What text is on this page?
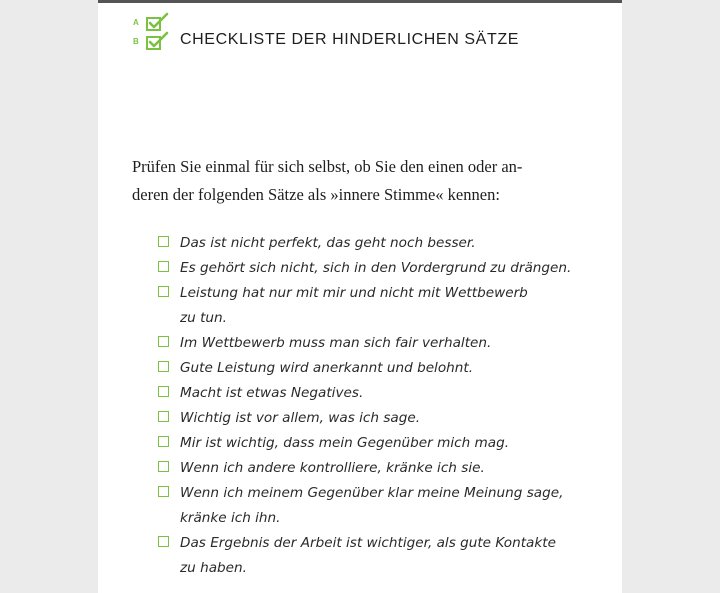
A
B	CHECKLISTE DER HINDERLICHEN SÄTZE
Prüfen Sie einmal für sich selbst, ob Sie den einen oder an-
deren der folgenden Sätze als »innere Stimme« kennen:
Das ist nicht perfekt, das geht noch besser.
Es gehört sich nicht, sich in den Vordergrund zu drängen.
Leistung hat nur mit mir und nicht mit Wettbewerb
zu tun.
Im Wettbewerb muss man sich fair verhalten.
Gute Leistung wird anerkannt und belohnt.
Macht ist etwas Negatives.
Wichtig ist vor allem, was ich sage.
Mir ist wichtig, dass mein Gegenüber mich mag.
Wenn ich andere kontrolliere, kränke ich sie.
Wenn ich meinem Gegenüber klar meine Meinung sage,
kränke ich ihn.
Das Ergebnis der Arbeit ist wichtiger, als gute Kontakte
zu haben.
